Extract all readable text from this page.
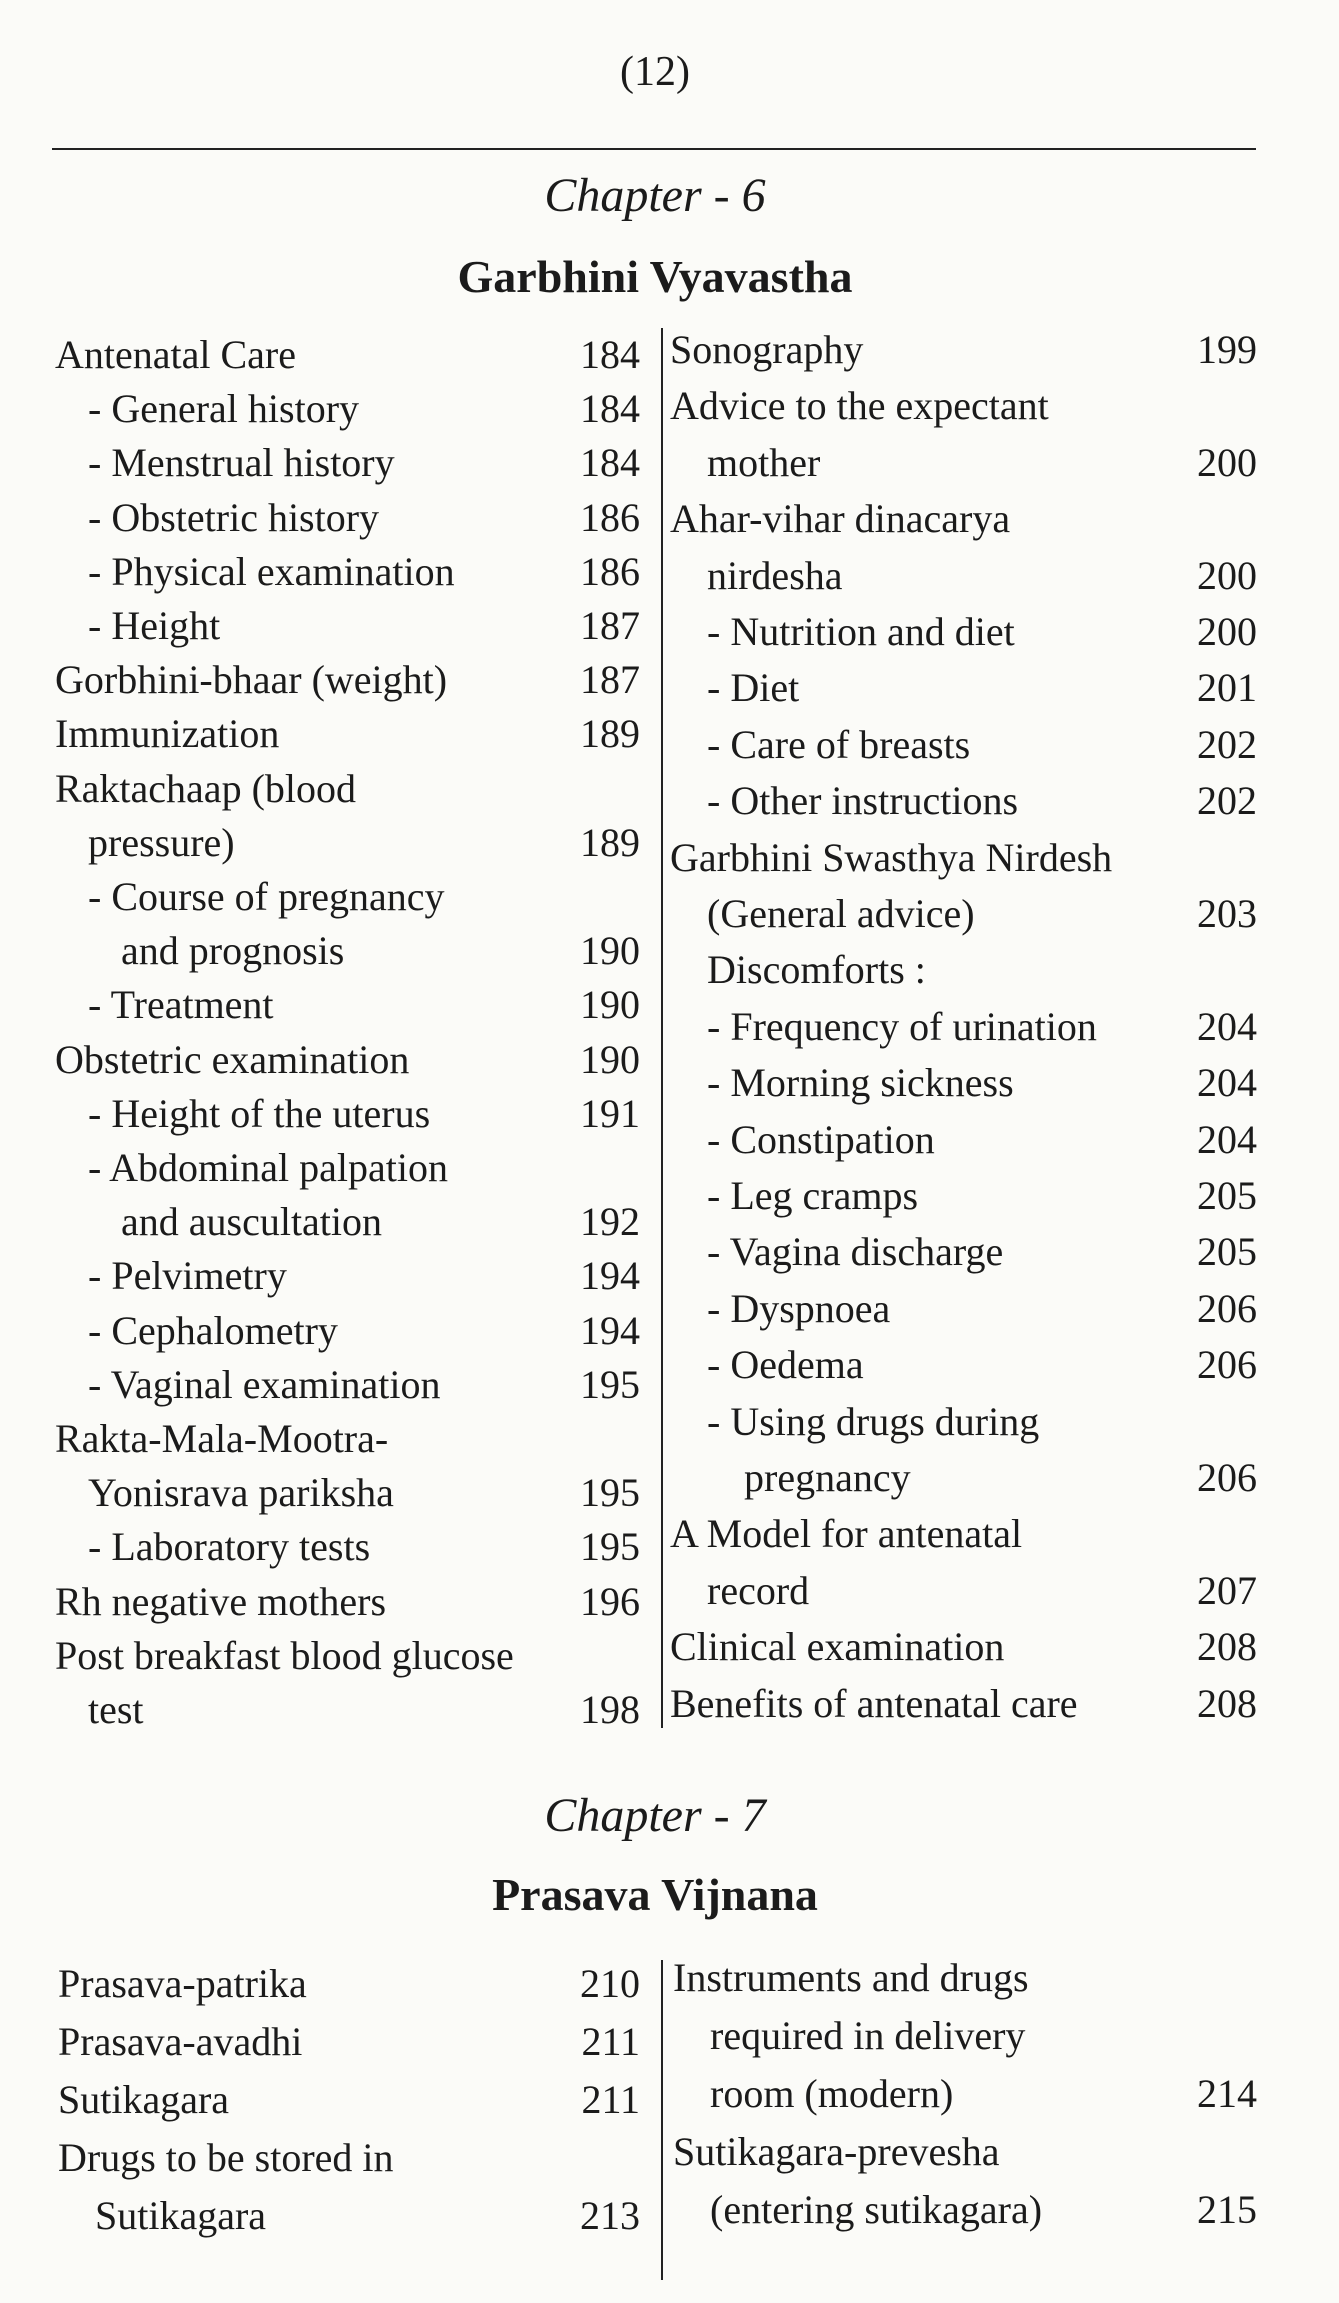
(12)
Chapter - 6
Garbhini Vyavastha
Antenatal Care	184
- General history	184
- Menstrual history	184
- Obstetric history	186
- Physical examination	186
- Height	187
Gorbhini-bhaar (weight)	187
Immunization	189
Raktachaap (blood
pressure)	189
- Course of pregnancy
and prognosis	190
- Treatment	190
Obstetric examination	190
- Height of the uterus	191
- Abdominal palpation
and auscultation	192
- Pelvimetry	194
- Cephalometry	194
- Vaginal examination	195
Rakta-Mala-Mootra-
Yonisrava pariksha	195
- Laboratory tests	195
Rh negative mothers	196
Post breakfast blood glucose
test	198
Sonography	199
Advice to the expectant
mother	200
Ahar-vihar dinacarya
nirdesha	200
- Nutrition and diet	200
- Diet	201
- Care of breasts	202
- Other instructions	202
Garbhini Swasthya Nirdesh
(General advice)	203
Discomforts :
- Frequency of urination	204
- Morning sickness	204
- Constipation	204
- Leg cramps	205
- Vagina discharge	205
- Dyspnoea	206
- Oedema	206
- Using drugs during
pregnancy	206
A Model for antenatal
record	207
Clinical examination	208
Benefits of antenatal care	208
Chapter - 7
Prasava Vijnana
Prasava-patrika	210
Prasava-avadhi	211
Sutikagara	211
Drugs to be stored in
Sutikagara	213
Instruments and drugs
required in delivery
room (modern)	214
Sutikagara-prevesha
(entering sutikagara)	215
